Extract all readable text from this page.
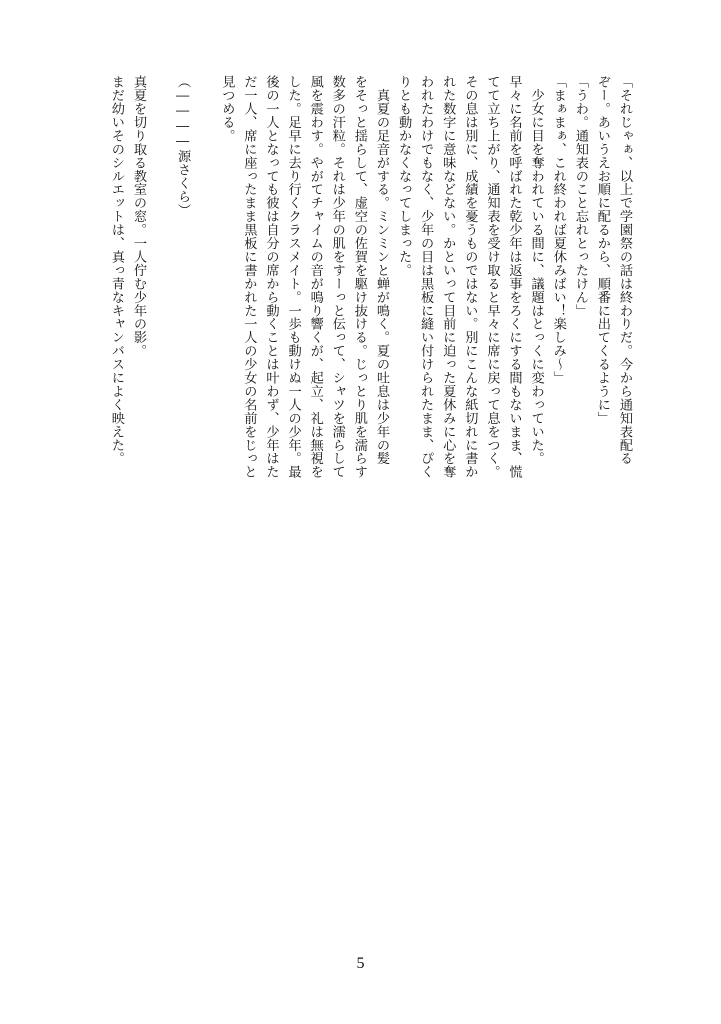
「それじゃぁ、以上で学園祭の話は終わりだ。今から通知表配る
ぞー。あいうえお順に配るから、順番に出てくるように」
「うわ。通知表のこと忘れとったけん」
「まぁまぁ、これ終われば夏休みばい！楽しみ〜」
　少女に目を奪われている間に、議題はとっくに変わっていた。
早々に名前を呼ばれた乾少年は返事をろくにする間もないまま、慌
てて立ち上がり、通知表を受け取ると早々に席に戻って息をつく。
その息は別に、成績を憂うものではない。別にこんな紙切れに書か
れた数字に意味などない。かといって目前に迫った夏休みに心を奪
われたわけでもなく、少年の目は黒板に縫い付けられたまま、ぴく
りとも動かなくなってしまった。
　真夏の足音がする。ミンミンと蝉が鳴く。夏の吐息は少年の髪
をそっと揺らして、虚空の佐賀を駆け抜ける。じっとり肌を濡らす
数多の汗粒。それは少年の肌をすーっと伝って、シャツを濡らして
風を震わす。やがてチャイムの音が鳴り響くが、起立、礼は無視を
した。足早に去り行くクラスメイト。一歩も動けぬ一人の少年。最
後の一人となっても彼は自分の席から動くことは叶わず、少年はた
だ一人、席に座ったまま黒板に書かれた一人の少女の名前をじっと
見つめる。

（――――源さくら）

真夏を切り取る教室の窓。一人佇む少年の影。
まだ幼いそのシルエットは、真っ青なキャンバスによく映えた。
5
